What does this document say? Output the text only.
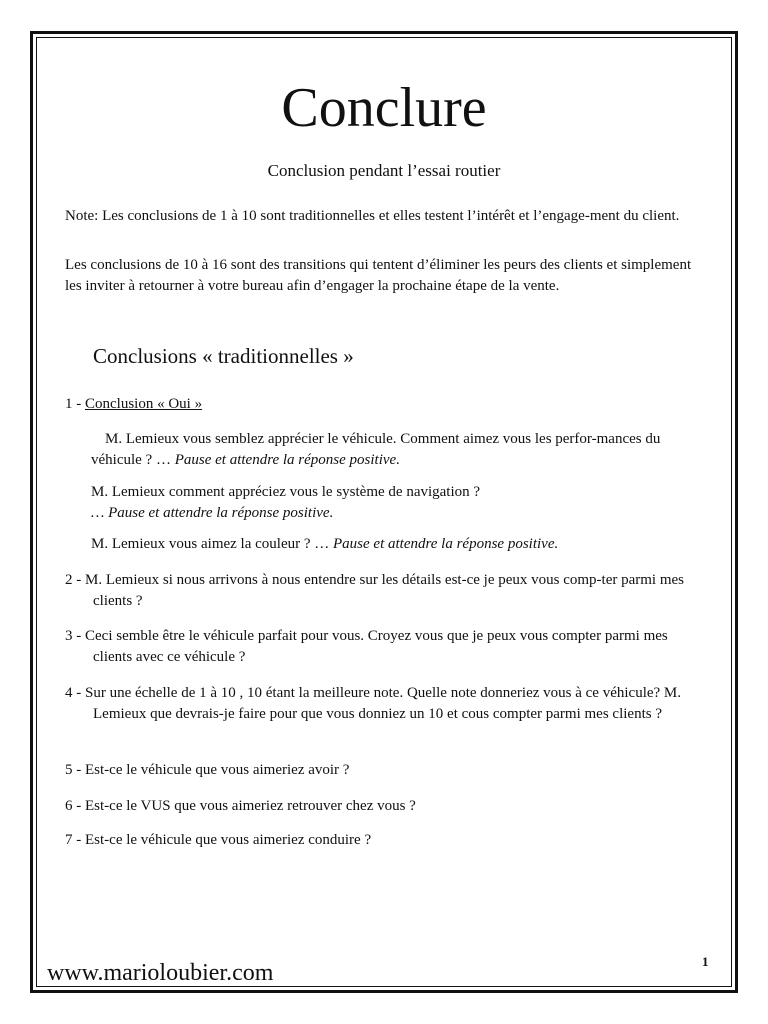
Conclure

Conclusion pendant l’essai routier

Note: Les conclusions de 1 à 10 sont traditionnelles et elles testent l’intérêt et l’engage-ment du client.

Les conclusions de 10 à 16 sont des transitions qui tentent d’éliminer les peurs des clients et simplement les inviter à retourner à votre bureau afin d’engager la prochaine étape de la vente.

Conclusions « traditionnelles »

1 - Conclusion « Oui »

M. Lemieux vous semblez apprécier le véhicule. Comment aimez vous les perfor-mances du véhicule ? … Pause et attendre la réponse positive.

M. Lemieux comment appréciez vous le système de navigation ?
… Pause et attendre la réponse positive.

M. Lemieux vous aimez la couleur ? … Pause et attendre la réponse positive.

2 - M. Lemieux si nous arrivons à nous entendre sur les détails est-ce je peux vous comp-ter parmi mes clients ?

3 - Ceci semble être le véhicule parfait pour vous. Croyez vous que je peux vous compter parmi mes clients avec ce véhicule ?

4 - Sur une échelle de 1 à 10 , 10 étant la meilleure note. Quelle note donneriez vous à ce véhicule? M. Lemieux que devrais-je faire pour que vous donniez un 10 et cous compter parmi mes clients ?

5 - Est-ce le véhicule que vous aimeriez avoir ?

6 - Est-ce le VUS que vous aimeriez retrouver chez vous ?

7 - Est-ce le véhicule que vous aimeriez conduire ?

1

www.marioloubier.com
